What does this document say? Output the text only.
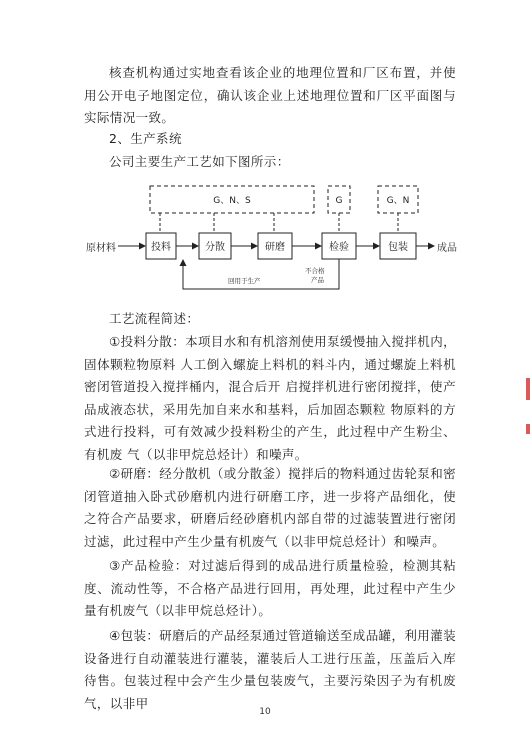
核查机构通过实地查看该企业的地理位置和厂区布置，并使用公开电子地图定位，确认该企业上述地理位置和厂区平面图与实际情况一致。
2、生产系统
公司主要生产工艺如下图所示：
G、N、S	G	G、N
原材料	成品
投料	分散	研磨	检验	包装
回用于生产
不合格
产品
工艺流程简述：
①投料分散：本项目水和有机溶剂使用泵缓慢抽入搅拌机内，固体颗粒物原料 人工倒入螺旋上料机的料斗内，通过螺旋上料机密闭管道投入搅拌桶内，混合后开 启搅拌机进行密闭搅拌，使产品成液态状，采用先加自来水和基料，后加固态颗粒 物原料的方式进行投料，可有效减少投料粉尘的产生，此过程中产生粉尘、有机废 气（以非甲烷总烃计）和噪声。
②研磨：经分散机（或分散釜）搅拌后的物料通过齿轮泵和密闭管道抽入卧式砂磨机内进行研磨工序，进一步将产品细化，使之符合产品要求，研磨后经砂磨机内部自带的过滤装置进行密闭过滤，此过程中产生少量有机废气（以非甲烷总烃计）和噪声。
③产品检验：对过滤后得到的成品进行质量检验，检测其粘度、流动性等，不合格产品进行回用，再处理，此过程中产生少量有机废气（以非甲烷总烃计）。
④包装：研磨后的产品经泵通过管道输送至成品罐，利用灌装设备进行自动灌装进行灌装，灌装后人工进行压盖，压盖后入库待售。包装过程中会产生少量包装废气，主要污染因子为有机废气，以非甲
10
